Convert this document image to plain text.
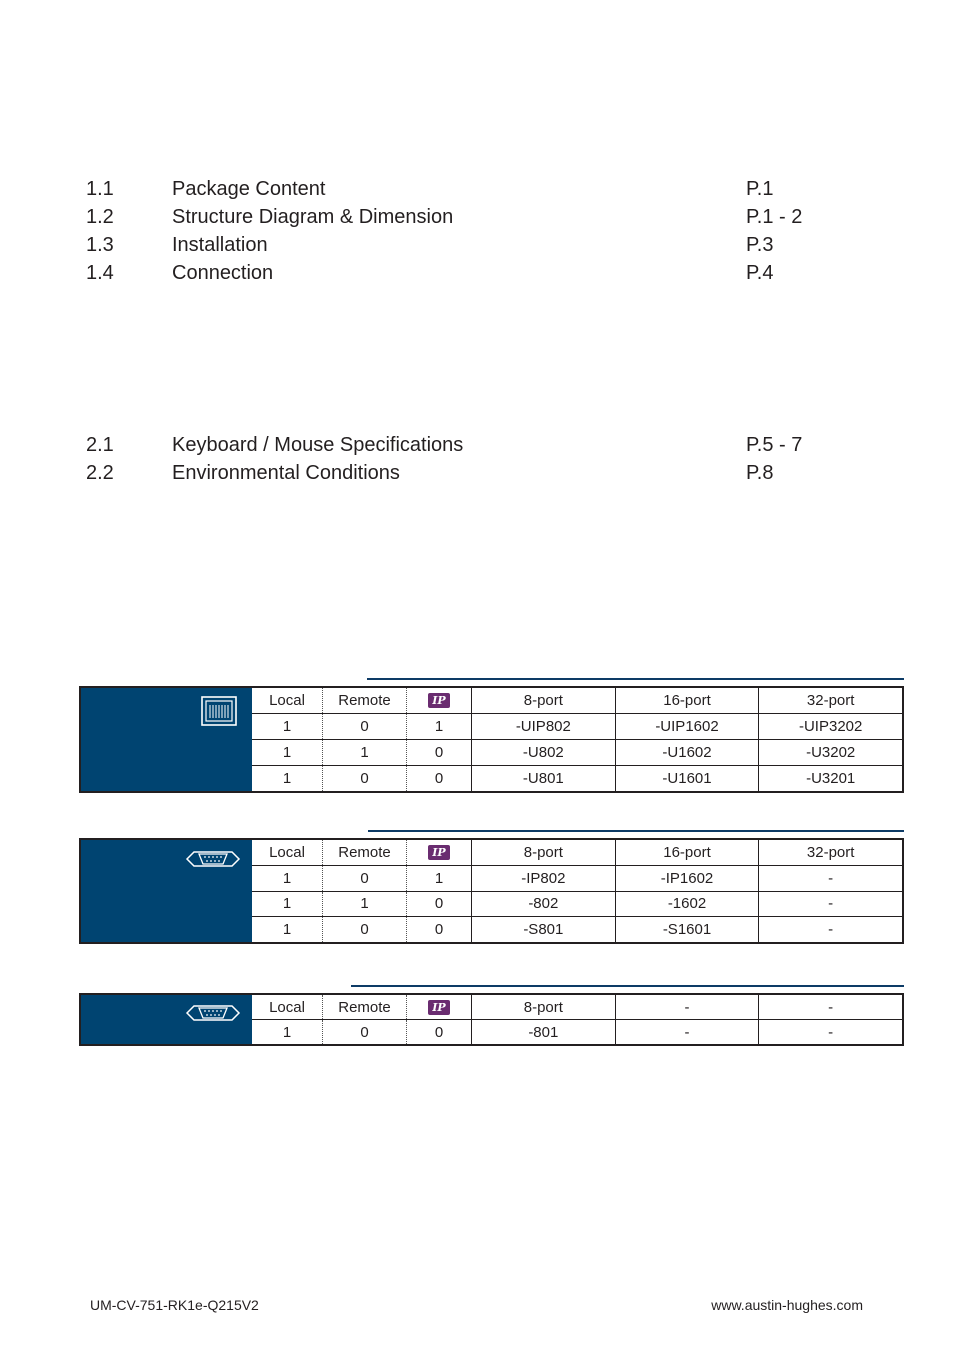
1.1	Package Content	P.1
1.2	Structure Diagram & Dimension	P.1 - 2
1.3	Installation	P.3
1.4	Connection	P.4
2.1	Keyboard / Mouse Specifications	P.5 - 7
2.2	Environmental Conditions	P.8
Local	Remote	IP	8-port	16-port	32-port
1	0	1	-UIP802	-UIP1602	-UIP3202
1	1	0	-U802	-U1602	-U3202
1	0	0	-U801	-U1601	-U3201
Local	Remote	IP	8-port	16-port	32-port
1	0	1	-IP802	-IP1602	-
1	1	0	-802	-1602	-
1	0	0	-S801	-S1601	-
Local	Remote	IP	8-port	-	-
1	0	0	-801	-	-
UM-CV-751-RK1e-Q215V2	www.austin-hughes.com
